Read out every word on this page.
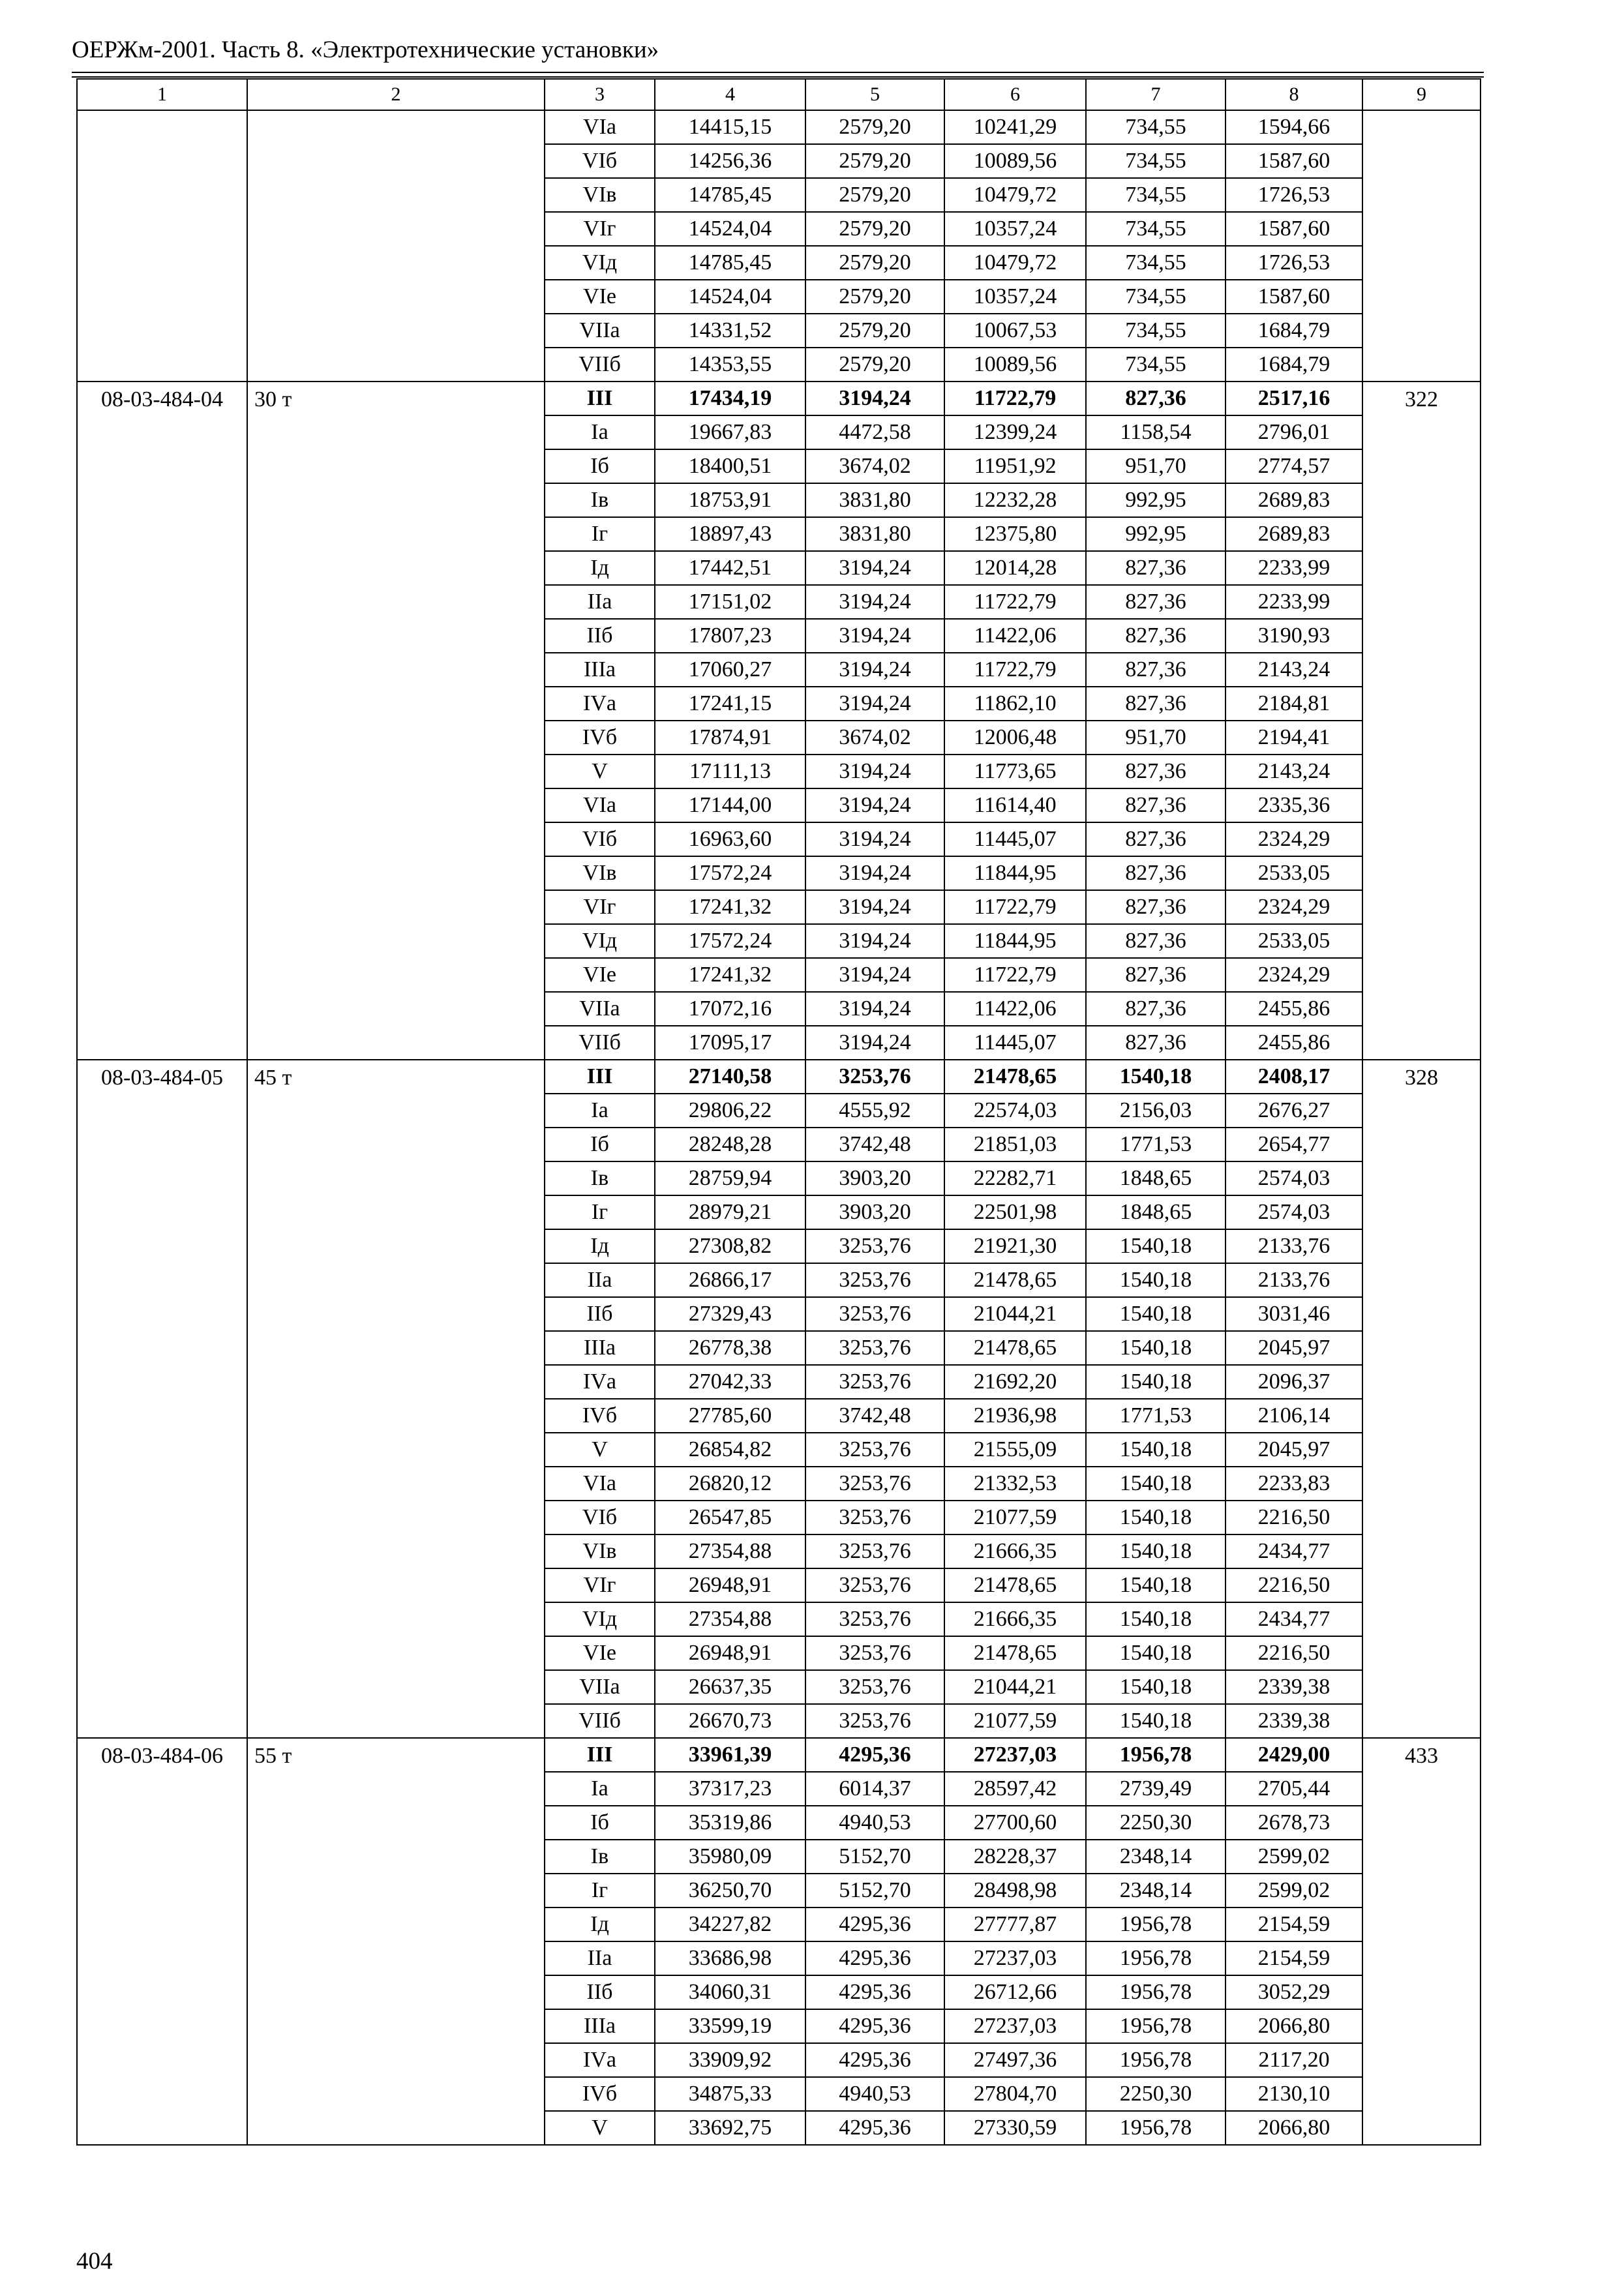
ОЕРЖм-2001. Часть 8. «Электротехнические установки»
1	2	3	4	5	6	7	8	9
		VIа	14415,15	2579,20	10241,29	734,55	1594,66	
		VIб	14256,36	2579,20	10089,56	734,55	1587,60	
		VIв	14785,45	2579,20	10479,72	734,55	1726,53	
		VIг	14524,04	2579,20	10357,24	734,55	1587,60	
		VIд	14785,45	2579,20	10479,72	734,55	1726,53	
		VIе	14524,04	2579,20	10357,24	734,55	1587,60	
		VIIа	14331,52	2579,20	10067,53	734,55	1684,79	
		VIIб	14353,55	2579,20	10089,56	734,55	1684,79	
08-03-484-04	30 т	III	17434,19	3194,24	11722,79	827,36	2517,16	322
		Iа	19667,83	4472,58	12399,24	1158,54	2796,01	
		Iб	18400,51	3674,02	11951,92	951,70	2774,57	
		Iв	18753,91	3831,80	12232,28	992,95	2689,83	
		Iг	18897,43	3831,80	12375,80	992,95	2689,83	
		Iд	17442,51	3194,24	12014,28	827,36	2233,99	
		IIа	17151,02	3194,24	11722,79	827,36	2233,99	
		IIб	17807,23	3194,24	11422,06	827,36	3190,93	
		IIIа	17060,27	3194,24	11722,79	827,36	2143,24	
		IVа	17241,15	3194,24	11862,10	827,36	2184,81	
		IVб	17874,91	3674,02	12006,48	951,70	2194,41	
		V	17111,13	3194,24	11773,65	827,36	2143,24	
		VIа	17144,00	3194,24	11614,40	827,36	2335,36	
		VIб	16963,60	3194,24	11445,07	827,36	2324,29	
		VIв	17572,24	3194,24	11844,95	827,36	2533,05	
		VIг	17241,32	3194,24	11722,79	827,36	2324,29	
		VIд	17572,24	3194,24	11844,95	827,36	2533,05	
		VIе	17241,32	3194,24	11722,79	827,36	2324,29	
		VIIа	17072,16	3194,24	11422,06	827,36	2455,86	
		VIIб	17095,17	3194,24	11445,07	827,36	2455,86	
08-03-484-05	45 т	III	27140,58	3253,76	21478,65	1540,18	2408,17	328
		Iа	29806,22	4555,92	22574,03	2156,03	2676,27	
		Iб	28248,28	3742,48	21851,03	1771,53	2654,77	
		Iв	28759,94	3903,20	22282,71	1848,65	2574,03	
		Iг	28979,21	3903,20	22501,98	1848,65	2574,03	
		Iд	27308,82	3253,76	21921,30	1540,18	2133,76	
		IIа	26866,17	3253,76	21478,65	1540,18	2133,76	
		IIб	27329,43	3253,76	21044,21	1540,18	3031,46	
		IIIа	26778,38	3253,76	21478,65	1540,18	2045,97	
		IVа	27042,33	3253,76	21692,20	1540,18	2096,37	
		IVб	27785,60	3742,48	21936,98	1771,53	2106,14	
		V	26854,82	3253,76	21555,09	1540,18	2045,97	
		VIа	26820,12	3253,76	21332,53	1540,18	2233,83	
		VIб	26547,85	3253,76	21077,59	1540,18	2216,50	
		VIв	27354,88	3253,76	21666,35	1540,18	2434,77	
		VIг	26948,91	3253,76	21478,65	1540,18	2216,50	
		VIд	27354,88	3253,76	21666,35	1540,18	2434,77	
		VIе	26948,91	3253,76	21478,65	1540,18	2216,50	
		VIIа	26637,35	3253,76	21044,21	1540,18	2339,38	
		VIIб	26670,73	3253,76	21077,59	1540,18	2339,38	
08-03-484-06	55 т	III	33961,39	4295,36	27237,03	1956,78	2429,00	433
		Iа	37317,23	6014,37	28597,42	2739,49	2705,44	
		Iб	35319,86	4940,53	27700,60	2250,30	2678,73	
		Iв	35980,09	5152,70	28228,37	2348,14	2599,02	
		Iг	36250,70	5152,70	28498,98	2348,14	2599,02	
		Iд	34227,82	4295,36	27777,87	1956,78	2154,59	
		IIа	33686,98	4295,36	27237,03	1956,78	2154,59	
		IIб	34060,31	4295,36	26712,66	1956,78	3052,29	
		IIIа	33599,19	4295,36	27237,03	1956,78	2066,80	
		IVа	33909,92	4295,36	27497,36	1956,78	2117,20	
		IVб	34875,33	4940,53	27804,70	2250,30	2130,10	
		V	33692,75	4295,36	27330,59	1956,78	2066,80	
404
